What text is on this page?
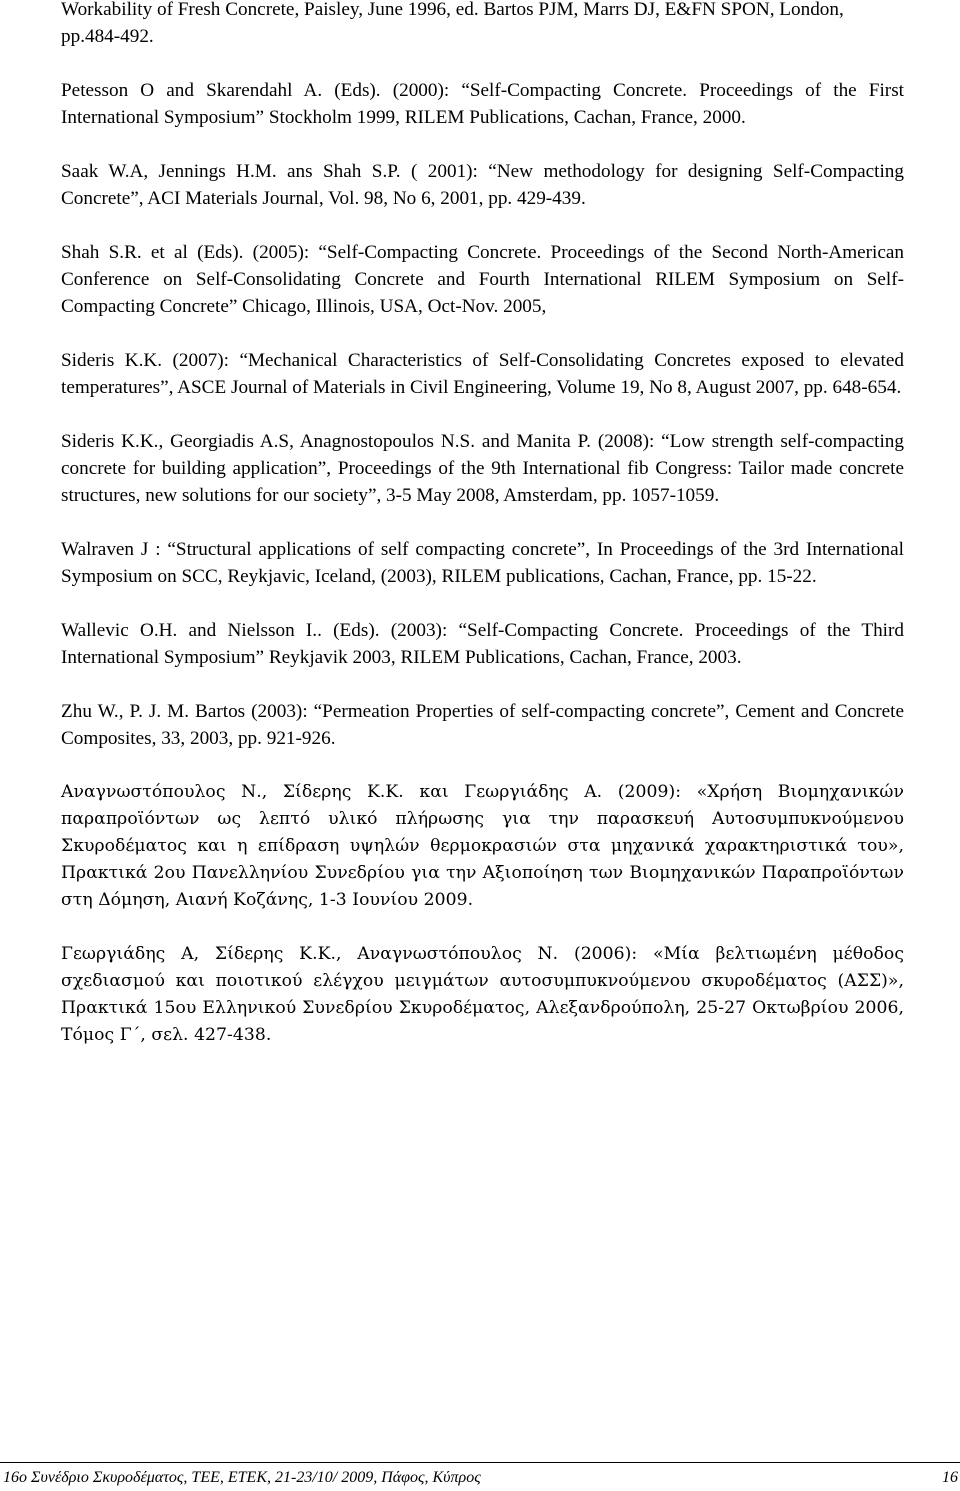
Workability of Fresh Concrete, Paisley, June 1996, ed. Bartos PJM, Marrs DJ, E&FN SPON, London, pp.484-492.

Petesson O and Skarendahl A. (Eds). (2000): “Self-Compacting Concrete. Proceedings of the First International Symposium” Stockholm 1999, RILEM Publications, Cachan, France, 2000.

Saak W.A, Jennings H.M. ans Shah S.P. ( 2001): “New methodology for designing Self-Compacting Concrete”, ACI Materials Journal, Vol. 98, No 6, 2001, pp. 429-439.

Shah S.R. et al (Eds). (2005): “Self-Compacting Concrete. Proceedings of the Second North-American Conference on Self-Consolidating Concrete and Fourth International RILEM Symposium on Self-Compacting Concrete” Chicago, Illinois, USA, Oct-Nov. 2005,

Sideris K.K. (2007): “Mechanical Characteristics of Self-Consolidating Concretes exposed to elevated temperatures”, ASCE Journal of Materials in Civil Engineering, Volume 19, No 8, August 2007, pp. 648-654.

Sideris K.K., Georgiadis A.S, Anagnostopoulos N.S. and Manita P. (2008): “Low strength self-compacting concrete for building application”, Proceedings of the 9th International fib Congress: Tailor made concrete structures, new solutions for our society”, 3-5 May 2008, Amsterdam, pp. 1057-1059.

Walraven J : “Structural applications of self compacting concrete”, In Proceedings of the 3rd International Symposium on SCC, Reykjavic, Iceland, (2003), RILEM publications, Cachan, France, pp. 15-22.

Wallevic O.H. and Nielsson I.. (Eds). (2003): “Self-Compacting Concrete. Proceedings of the Third International Symposium” Reykjavik 2003, RILEM Publications, Cachan, France, 2003.

Zhu W., P. J. M. Bartos (2003): “Permeation Properties of self-compacting concrete”, Cement and Concrete Composites, 33, 2003, pp. 921-926.

Αναγνωστόπουλος Ν., Σίδερης Κ.Κ. και Γεωργιάδης Α. (2009): «Χρήση Βιομηχανικών παραπροϊόντων ως λεπτό υλικό πλήρωσης για την παρασκευή Αυτοσυμπυκνούμενου Σκυροδέματος και η επίδραση υψηλών θερμοκρασιών στα μηχανικά χαρακτηριστικά του», Πρακτικά 2ου Πανελληνίου Συνεδρίου για την Αξιοποίηση των Βιομηχανικών Παραπροϊόντων στη Δόμηση, Αιανή Κοζάνης, 1-3 Ιουνίου 2009.

Γεωργιάδης Α, Σίδερης Κ.Κ., Αναγνωστόπουλος Ν. (2006): «Μία βελτιωμένη μέθοδος σχεδιασμού και ποιοτικού ελέγχου μειγμάτων αυτοσυμπυκνούμενου σκυροδέματος (ΑΣΣ)», Πρακτικά 15ου Ελληνικού Συνεδρίου Σκυροδέματος, Αλεξανδρούπολη, 25-27 Οκτωβρίου 2006, Τόμος Γ΄, σελ. 427-438.

16ο Συνέδριο Σκυροδέματος, ΤΕΕ, ΕΤΕΚ, 21-23/10/ 2009, Πάφος, Κύπρος	16
